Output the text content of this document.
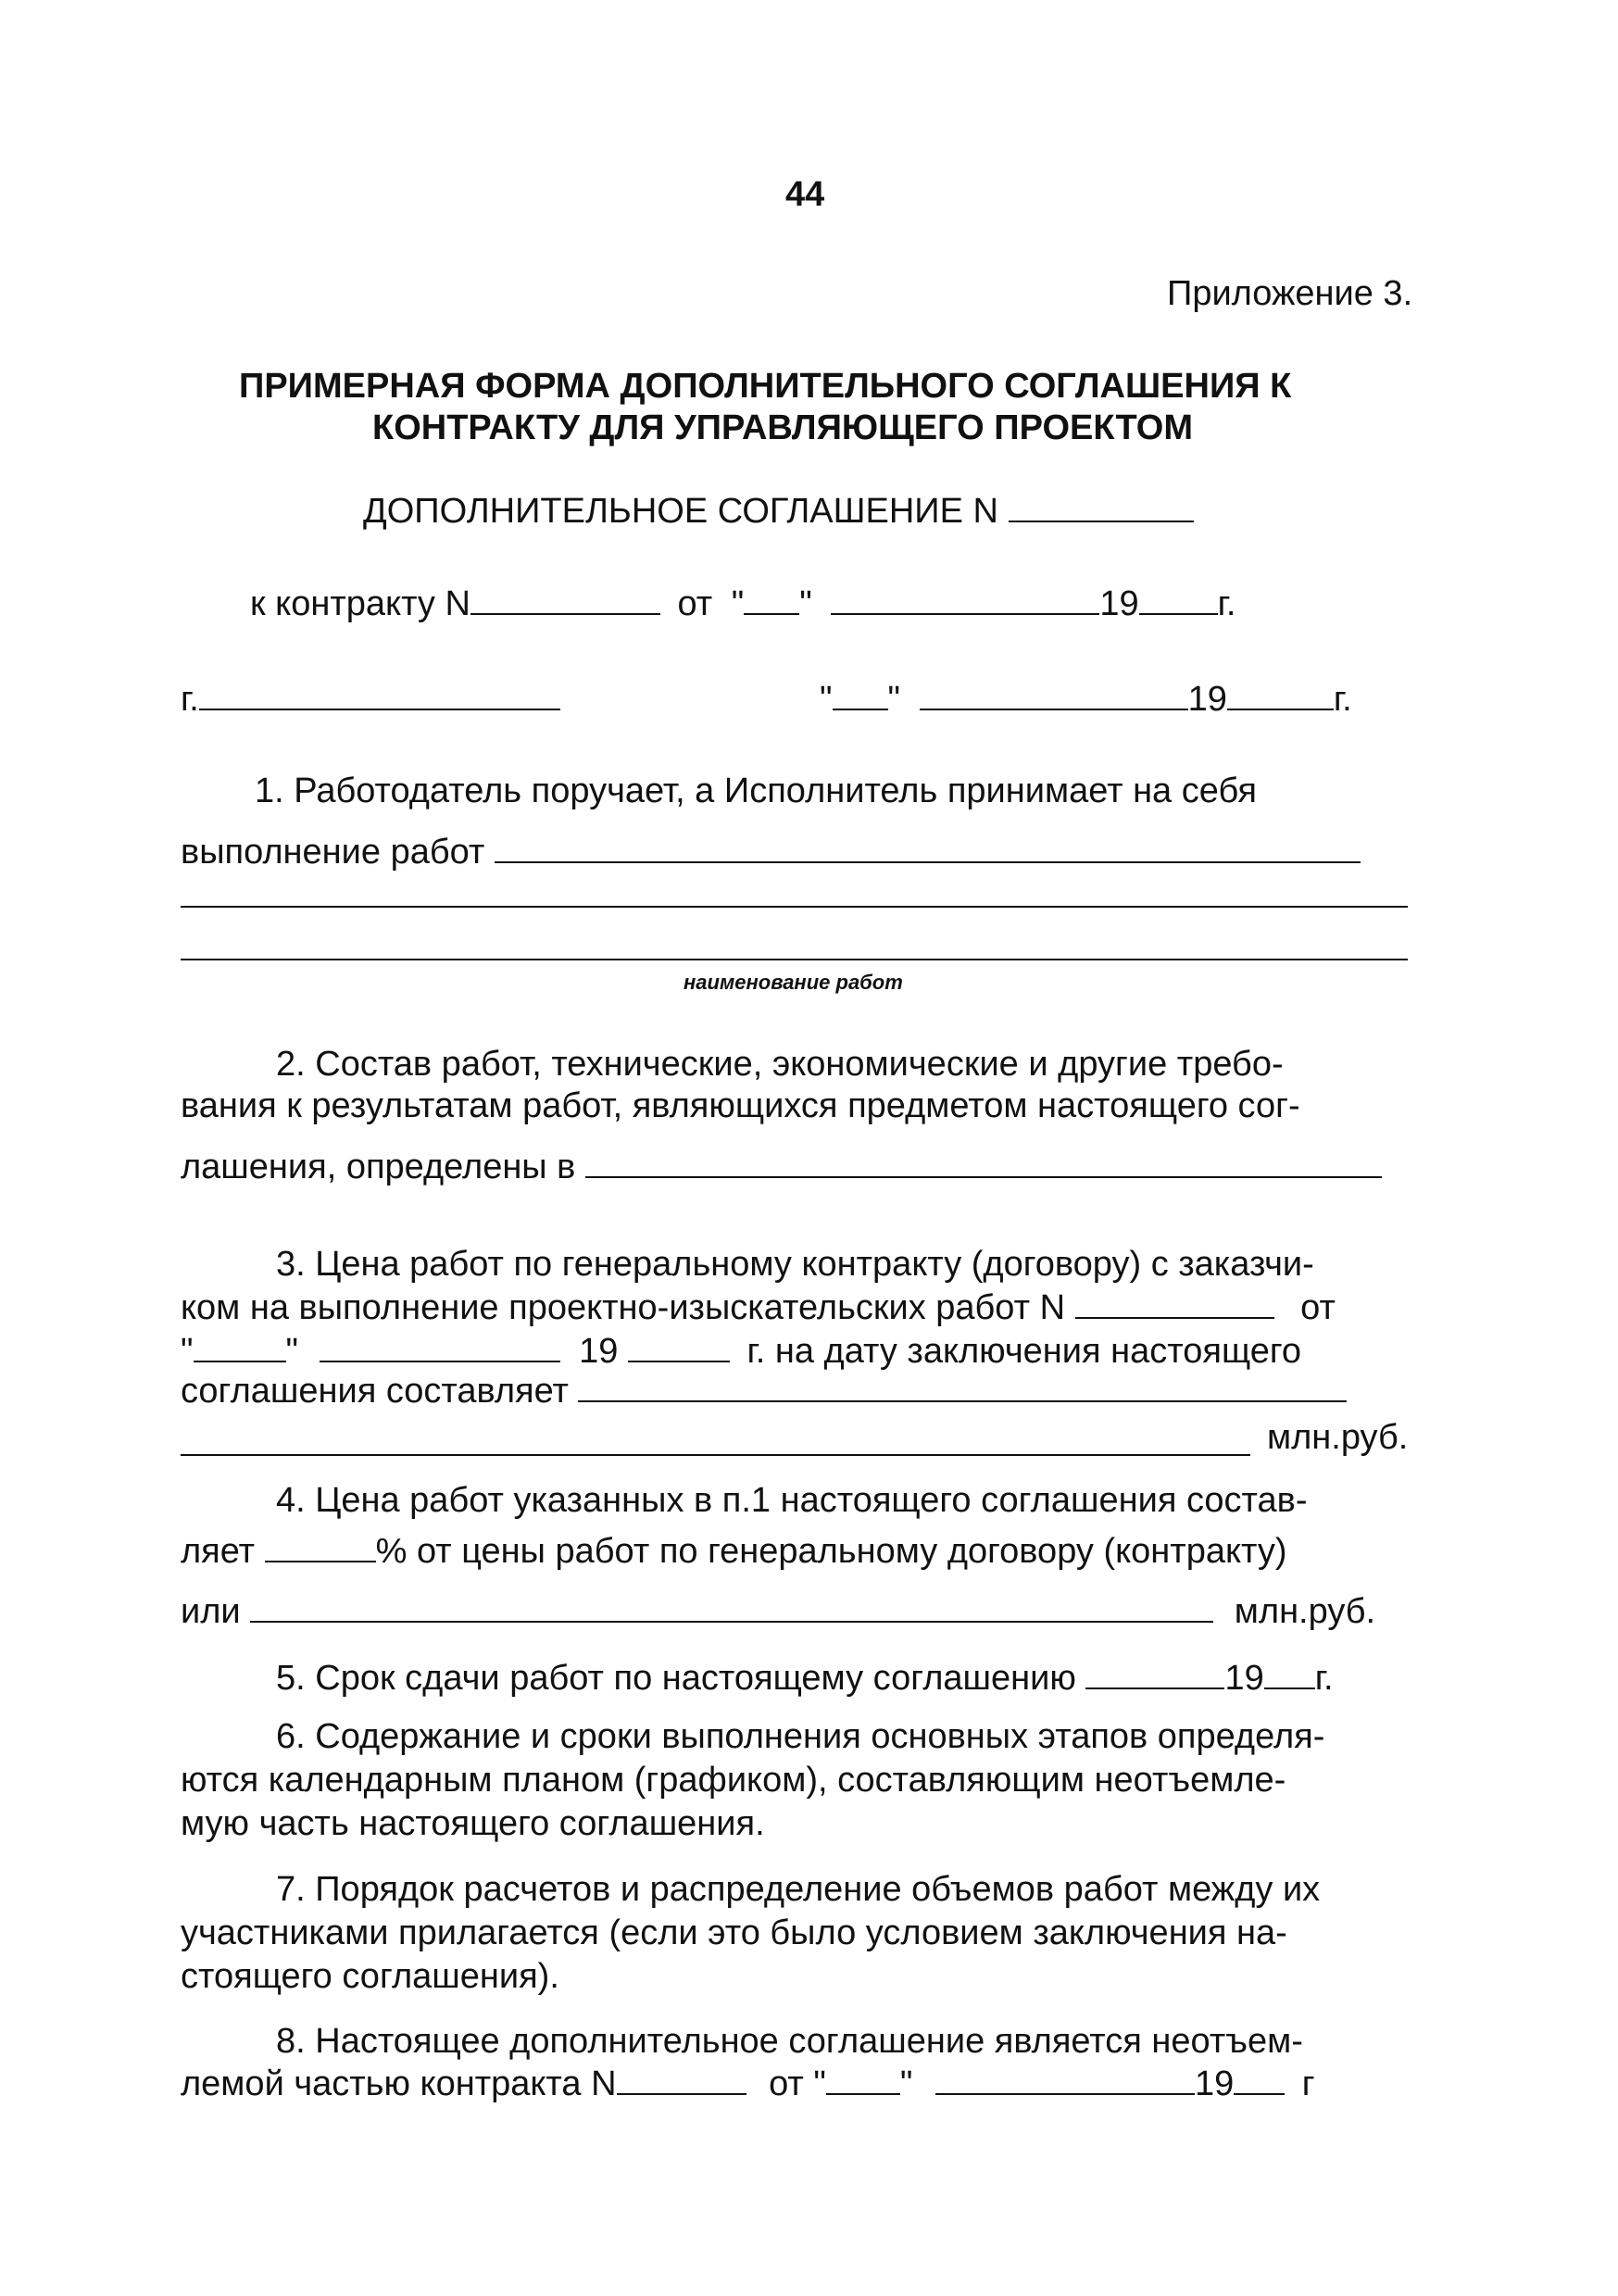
44
Приложение 3.
ПРИМЕРНАЯ ФОРМА ДОПОЛНИТЕЛЬНОГО СОГЛАШЕНИЯ К
КОНТРАКТУ ДЛЯ УПРАВЛЯЮЩЕГО ПРОЕКТОМ
ДОПОЛНИТЕЛЬНОЕ СОГЛАШЕНИЕ N
к контракту N	от " "	19 г.
г.	" "	19	г.
1. Работодатель поручает, а Исполнитель принимает на себя
выполнение работ
наименование работ
2. Состав работ, технические, экономические и другие требо-
вания к результатам работ, являющихся предметом настоящего сог-
лашения, определены в
3. Цена работ по генеральному контракту (договору) с заказчи-
ком на выполнение проектно-изыскательских работ N	от
"	"	19	г. на дату заключения настоящего
соглашения составляет
млн.руб.
4. Цена работ указанных в п.1 настоящего соглашения состав-
ляет	% от цены работ по генеральному договору (контракту)
или	млн.руб.
5. Срок сдачи работ по настоящему соглашению	19 г.
6. Содержание и сроки выполнения основных этапов определя-
ются календарным планом (графиком), составляющим неотъемле-
мую часть настоящего соглашения.
7. Порядок расчетов и распределение объемов работ между их
участниками прилагается (если это было условием заключения на-
стоящего соглашения).
8. Настоящее дополнительное соглашение является неотъем-
лемой частью контракта N	от " "	19 г
